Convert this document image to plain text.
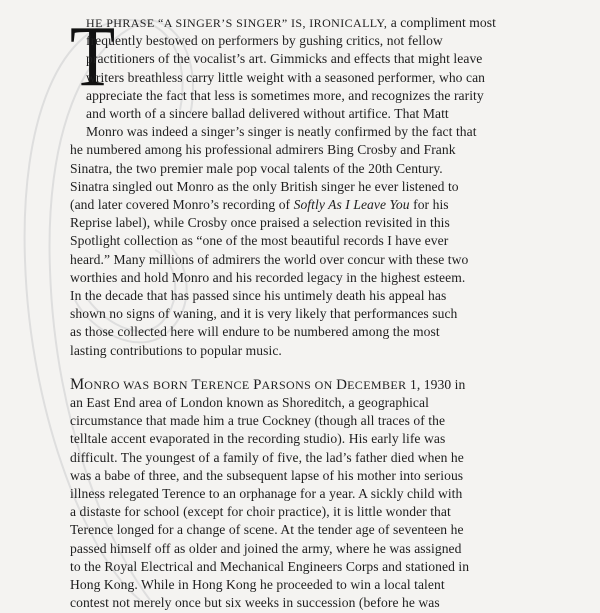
T

HE PHRASE “A SINGER’S SINGER” IS, IRONICALLY, a compliment most
frequently bestowed on performers by gushing critics, not fellow
practitioners of the vocalist’s art. Gimmicks and effects that might leave
writers breathless carry little weight with a seasoned performer, who can
appreciate the fact that less is sometimes more, and recognizes the rarity
and worth of a sincere ballad delivered without artifice. That Matt
Monro was indeed a singer’s singer is neatly confirmed by the fact that
he numbered among his professional admirers Bing Crosby and Frank
Sinatra, the two premier male pop vocal talents of the 20th Century.
Sinatra singled out Monro as the only British singer he ever listened to
(and later covered Monro’s recording of Softly As I Leave You for his
Reprise label), while Crosby once praised a selection revisited in this
Spotlight collection as “one of the most beautiful records I have ever
heard.” Many millions of admirers the world over concur with these two
worthies and hold Monro and his recorded legacy in the highest esteem.
In the decade that has passed since his untimely death his appeal has
shown no signs of waning, and it is very likely that performances such
as those collected here will endure to be numbered among the most
lasting contributions to popular music.

MONRO WAS BORN TERENCE PARSONS ON DECEMBER 1, 1930 in
an East End area of London known as Shoreditch, a geographical
circumstance that made him a true Cockney (though all traces of the
telltale accent evaporated in the recording studio). His early life was
difficult. The youngest of a family of five, the lad’s father died when he
was a babe of three, and the subsequent lapse of his mother into serious
illness relegated Terence to an orphanage for a year. A sickly child with
a distaste for school (except for choir practice), it is little wonder that
Terence longed for a change of scene. At the tender age of seventeen he
passed himself off as older and joined the army, where he was assigned
to the Royal Electrical and Mechanical Engineers Corps and stationed in
Hong Kong. While in Hong Kong he proceeded to win a local talent
contest not merely once but six weeks in succession (before he was
